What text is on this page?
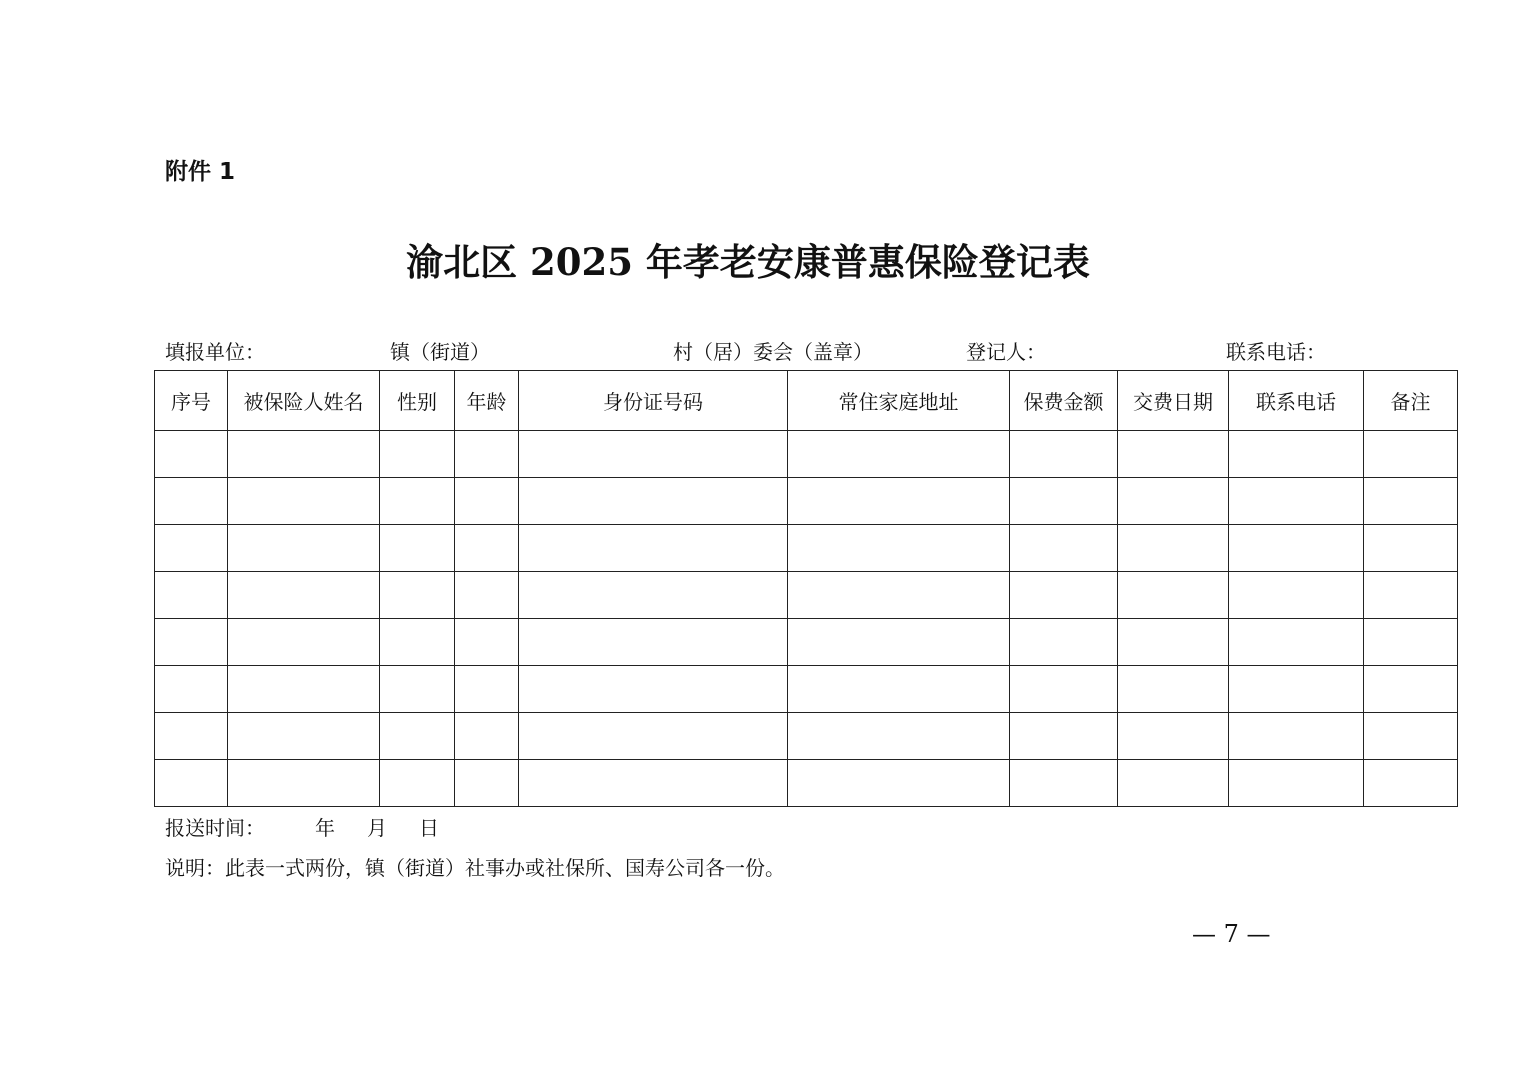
附件 1
渝北区 2025 年孝老安康普惠保险登记表
填报单位：	镇（街道）	村（居）委会（盖章）	登记人：	联系电话：
序号	被保险人姓名	性别	年龄	身份证号码	常住家庭地址	保费金额	交费日期	联系电话	备注

报送时间：	年 月 日
说明：此表一式两份，镇（街道）社事办或社保所、国寿公司各一份。
— 7 —
